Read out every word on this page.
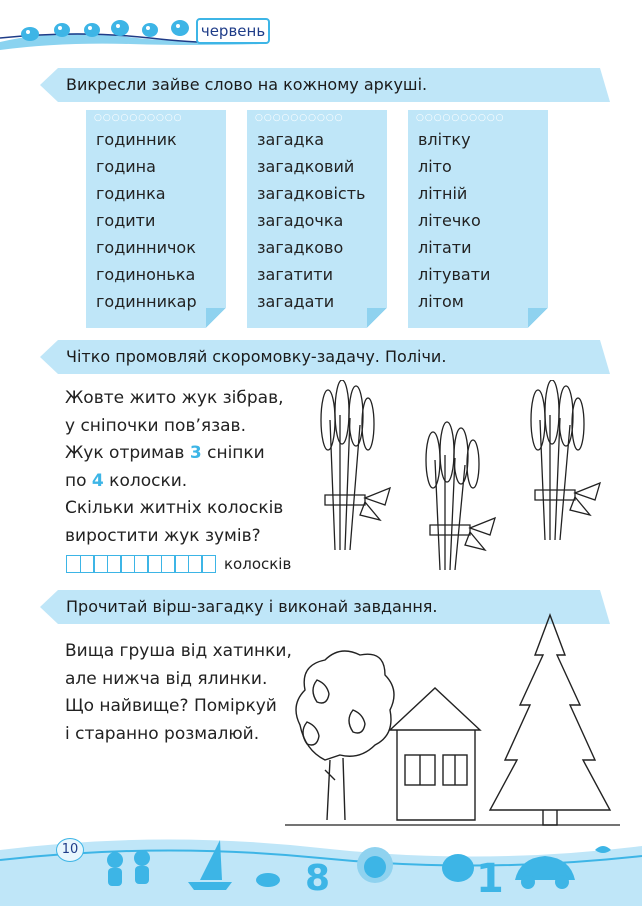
червень
Викресли зайве слово на кожному аркуші.
○○○○○○○○○○
годинник
година
годинка
годити
годинничок
годинонька
годинникар
○○○○○○○○○○
загадка
загадковий
загадковість
загадочка
загадково
загатити
загадати
○○○○○○○○○○
влітку
літо
літній
літечко
літати
літувати
літом
Чітко промовляй скоромовку-задачу. Полічи.
Жовте жито жук зібрав,
у сніпочки пов’язав.
Жук отримав 3 сніпки
по 4 колоски.
Скільки житніх колосків
виростити жук зумів?
колосків
Прочитай вірш-загадку і виконай завдання.
Вища груша від хатинки,
але нижча від ялинки.
Що найвище? Поміркуй
і старанно розмалюй.
8	1
10
